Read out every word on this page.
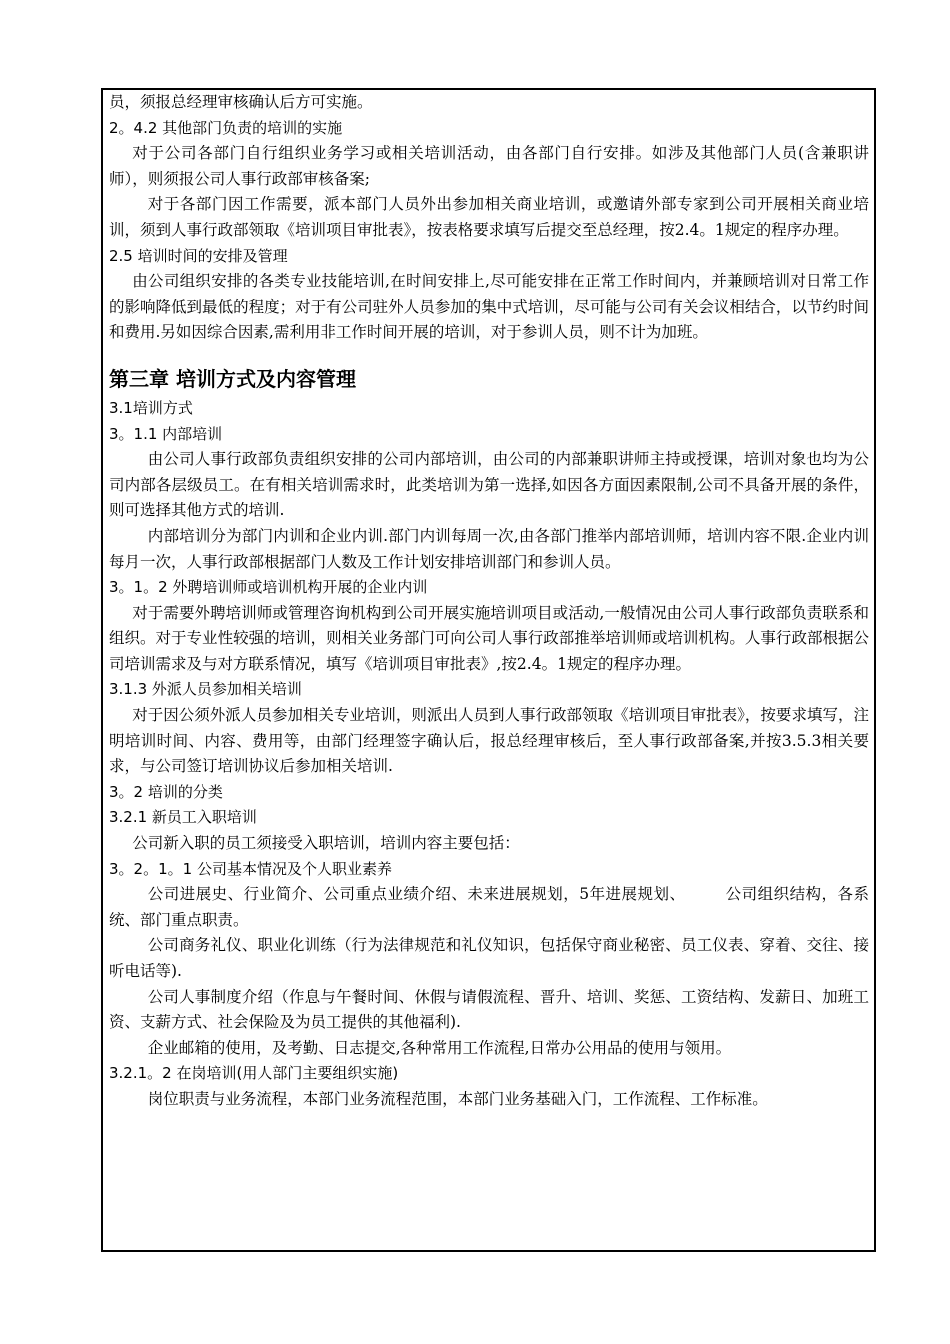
员，须报总经理审核确认后方可实施。

2。4.2 其他部门负责的培训的实施

对于公司各部门自行组织业务学习或相关培训活动，由各部门自行安排。如涉及其他部门人员(含兼职讲师），则须报公司人事行政部审核备案;

对于各部门因工作需要，派本部门人员外出参加相关商业培训，或邀请外部专家到公司开展相关商业培训，须到人事行政部领取《培训项目审批表》，按表格要求填写后提交至总经理，按2.4。1规定的程序办理。

2.5 培训时间的安排及管理

由公司组织安排的各类专业技能培训,在时间安排上,尽可能安排在正常工作时间内，并兼顾培训对日常工作的影响降低到最低的程度；对于有公司驻外人员参加的集中式培训，尽可能与公司有关会议相结合，以节约时间和费用.另如因综合因素,需利用非工作时间开展的培训，对于参训人员，则不计为加班。

第三章 培训方式及内容管理

3.1培训方式

3。1.1 内部培训

由公司人事行政部负责组织安排的公司内部培训，由公司的内部兼职讲师主持或授课，培训对象也均为公司内部各层级员工。在有相关培训需求时，此类培训为第一选择,如因各方面因素限制,公司不具备开展的条件，则可选择其他方式的培训.

内部培训分为部门内训和企业内训.部门内训每周一次,由各部门推举内部培训师，培训内容不限.企业内训每月一次，人事行政部根据部门人数及工作计划安排培训部门和参训人员。

3。1。2 外聘培训师或培训机构开展的企业内训

对于需要外聘培训师或管理咨询机构到公司开展实施培训项目或活动,一般情况由公司人事行政部负责联系和组织。对于专业性较强的培训，则相关业务部门可向公司人事行政部推举培训师或培训机构。人事行政部根据公司培训需求及与对方联系情况，填写《培训项目审批表》,按2.4。1规定的程序办理。

3.1.3 外派人员参加相关培训

对于因公须外派人员参加相关专业培训，则派出人员到人事行政部领取《培训项目审批表》，按要求填写，注明培训时间、内容、费用等，由部门经理签字确认后，报总经理审核后，至人事行政部备案,并按3.5.3相关要求，与公司签订培训协议后参加相关培训.

3。2 培训的分类

3.2.1 新员工入职培训

公司新入职的员工须接受入职培训，培训内容主要包括：

3。2。1。1 公司基本情况及个人职业素养

公司进展史、行业简介、公司重点业绩介绍、未来进展规划，5年进展规划、　　　公司组织结构，各系统、部门重点职责。

公司商务礼仪、职业化训练（行为法律规范和礼仪知识，包括保守商业秘密、员工仪表、穿着、交往、接听电话等).

公司人事制度介绍（作息与午餐时间、休假与请假流程、晋升、培训、奖惩、工资结构、发薪日、加班工资、支薪方式、社会保险及为员工提供的其他福利).

企业邮箱的使用，及考勤、日志提交,各种常用工作流程,日常办公用品的使用与领用。

3.2.1。2 在岗培训(用人部门主要组织实施)

岗位职责与业务流程，本部门业务流程范围，本部门业务基础入门，工作流程、工作标准。
